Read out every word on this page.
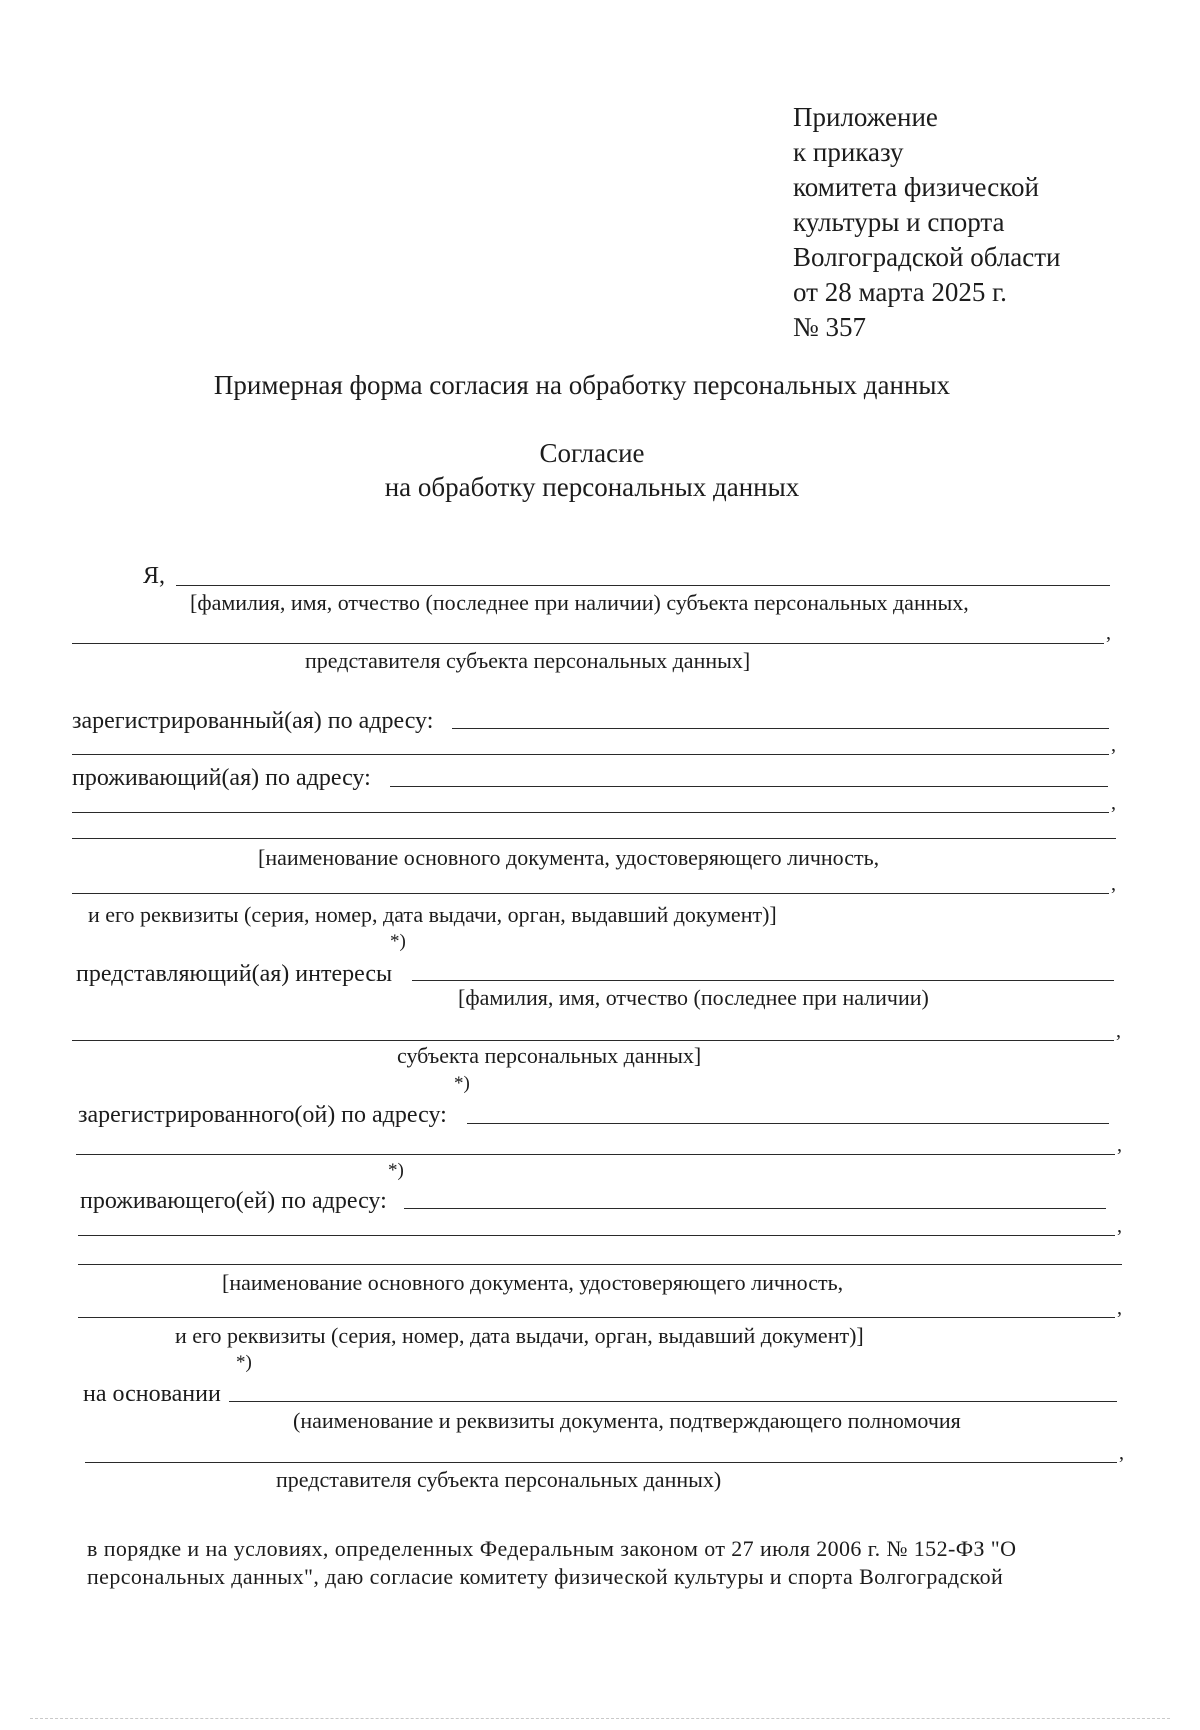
Приложение
к приказу
комитета физической
культуры и спорта
Волгоградской области
от 28 марта 2025 г.
№ 357
Примерная форма согласия на обработку персональных данных
Согласие
на обработку персональных данных
Я,
[фамилия, имя, отчество (последнее при наличии) субъекта персональных данных,
,
представителя субъекта персональных данных]
зарегистрированный(ая) по адресу:
,
проживающий(ая) по адресу:
,
[наименование основного документа, удостоверяющего личность,
,
и его реквизиты (серия, номер, дата выдачи, орган, выдавший документ)]
*)
представляющий(ая) интересы
[фамилия, имя, отчество (последнее при наличии)
,
субъекта персональных данных]
*)
зарегистрированного(ой) по адресу:
,
*)
проживающего(ей) по адресу:
,
[наименование основного документа, удостоверяющего личность,
,
и его реквизиты (серия, номер, дата выдачи, орган, выдавший документ)]
*)
на основании
(наименование и реквизиты документа, подтверждающего полномочия
,
представителя субъекта персональных данных)
в порядке и на условиях, определенных Федеральным законом от 27 июля 2006 г. № 152-ФЗ "О
персональных данных", даю согласие комитету физической культуры и спорта Волгоградской
